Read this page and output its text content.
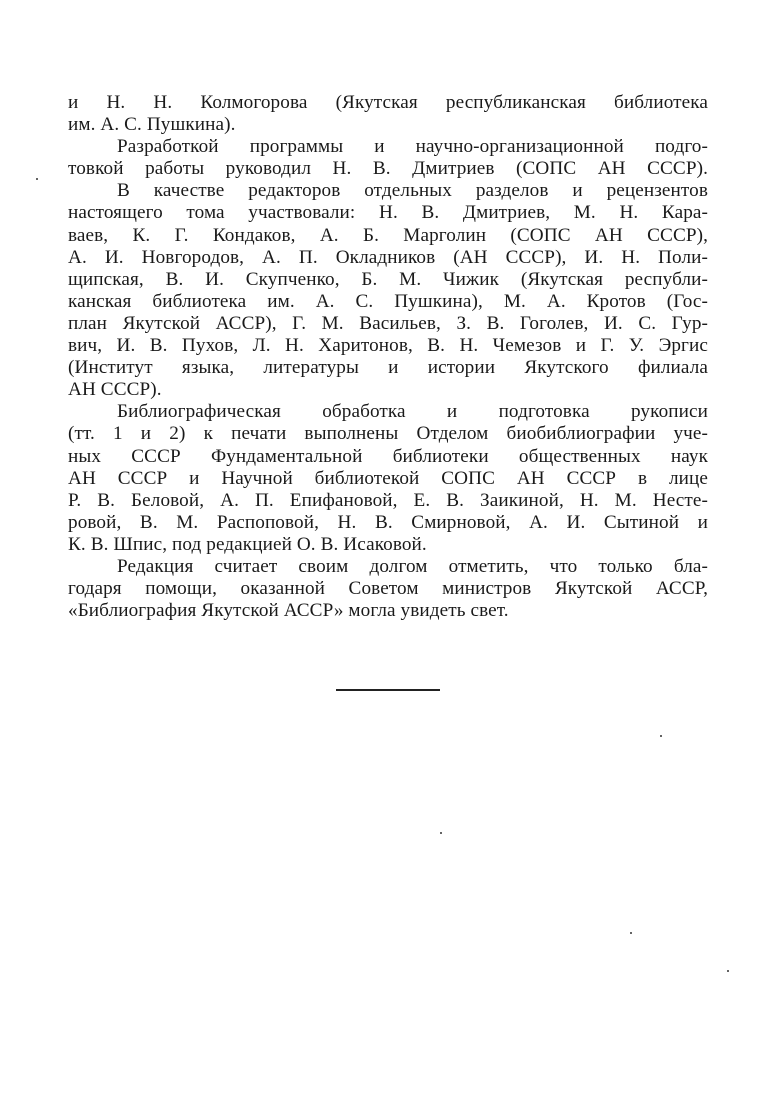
и Н. Н. Колмогорова (Якутская республиканская библиотека
им. А. С. Пушкина).
Разработкой программы и научно-организационной подго-
товкой работы руководил Н. В. Дмитриев (СОПС АН СССР).
В качестве редакторов отдельных разделов и рецензентов
настоящего тома участвовали: Н. В. Дмитриев, М. Н. Кара-
ваев, К. Г. Кондаков, А. Б. Марголин (СОПС АН СССР),
А. И. Новгородов, А. П. Окладников (АН СССР), И. Н. Поли-
щипская, В. И. Скупченко, Б. М. Чижик (Якутская республи-
канская библиотека им. А. С. Пушкина), М. А. Кротов (Гос-
план Якутской АССР), Г. М. Васильев, З. В. Гоголев, И. С. Гур-
вич, И. В. Пухов, Л. Н. Харитонов, В. Н. Чемезов и Г. У. Эргис
(Институт языка, литературы и истории Якутского филиала
АН СССР).
Библиографическая обработка и подготовка рукописи
(тт. 1 и 2) к печати выполнены Отделом биобиблиографии уче-
ных СССР Фундаментальной библиотеки общественных наук
АН СССР и Научной библиотекой СОПС АН СССР в лице
Р. В. Беловой, А. П. Епифановой, Е. В. Заикиной, Н. М. Несте-
ровой, В. М. Распоповой, Н. В. Смирновой, А. И. Сытиной и
К. В. Шпис, под редакцией О. В. Исаковой.
Редакция считает своим долгом отметить, что только бла-
годаря помощи, оказанной Советом министров Якутской АССР,
«Библиография Якутской АССР» могла увидеть свет.
